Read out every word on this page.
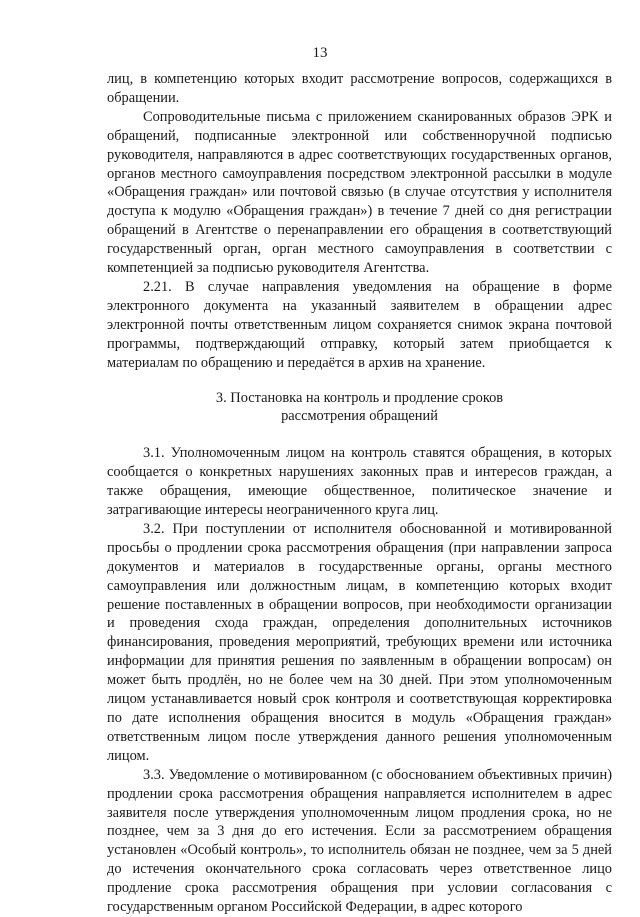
13

лиц, в компетенцию которых входит рассмотрение вопросов, содержащихся в обращении.

Сопроводительные письма с приложением сканированных образов ЭРК и обращений, подписанные электронной или собственноручной подписью руководителя, направляются в адрес соответствующих государственных органов, органов местного самоуправления посредством электронной рассылки в модуле «Обращения граждан» или почтовой связью (в случае отсутствия у исполнителя доступа к модулю «Обращения граждан») в течение 7 дней со дня регистрации обращений в Агентстве о перенаправлении его обращения в соответствующий государственный орган, орган местного самоуправления в соответствии с компетенцией за подписью руководителя Агентства.

2.21. В случае направления уведомления на обращение в форме электронного документа на указанный заявителем в обращении адрес электронной почты ответственным лицом сохраняется снимок экрана почтовой программы, подтверждающий отправку, который затем приобщается к материалам по обращению и передаётся в архив на хранение.

3. Постановка на контроль и продление сроков
рассмотрения обращений

3.1. Уполномоченным лицом на контроль ставятся обращения, в которых сообщается о конкретных нарушениях законных прав и интересов граждан, а также обращения, имеющие общественное, политическое значение и затрагивающие интересы неограниченного круга лиц.

3.2. При поступлении от исполнителя обоснованной и мотивированной просьбы о продлении срока рассмотрения обращения (при направлении запроса документов и материалов в государственные органы, органы местного самоуправления или должностным лицам, в компетенцию которых входит решение поставленных в обращении вопросов, при необходимости организации и проведения схода граждан, определения дополнительных источников финансирования, проведения мероприятий, требующих времени или источника информации для принятия решения по заявленным в обращении вопросам) он может быть продлён, но не более чем на 30 дней. При этом уполномоченным лицом устанавливается новый срок контроля и соответствующая корректировка по дате исполнения обращения вносится в модуль «Обращения граждан» ответственным лицом после утверждения данного решения уполномоченным лицом.

3.3. Уведомление о мотивированном (с обоснованием объективных причин) продлении срока рассмотрения обращения направляется исполнителем в адрес заявителя после утверждения уполномоченным лицом продления срока, но не позднее, чем за 3 дня до его истечения. Если за рассмотрением обращения установлен «Особый контроль», то исполнитель обязан не позднее, чем за 5 дней до истечения окончательного срока согласовать через ответственное лицо продление срока рассмотрения обращения при условии согласования с государственным органом Российской Федерации, в адрес которого
